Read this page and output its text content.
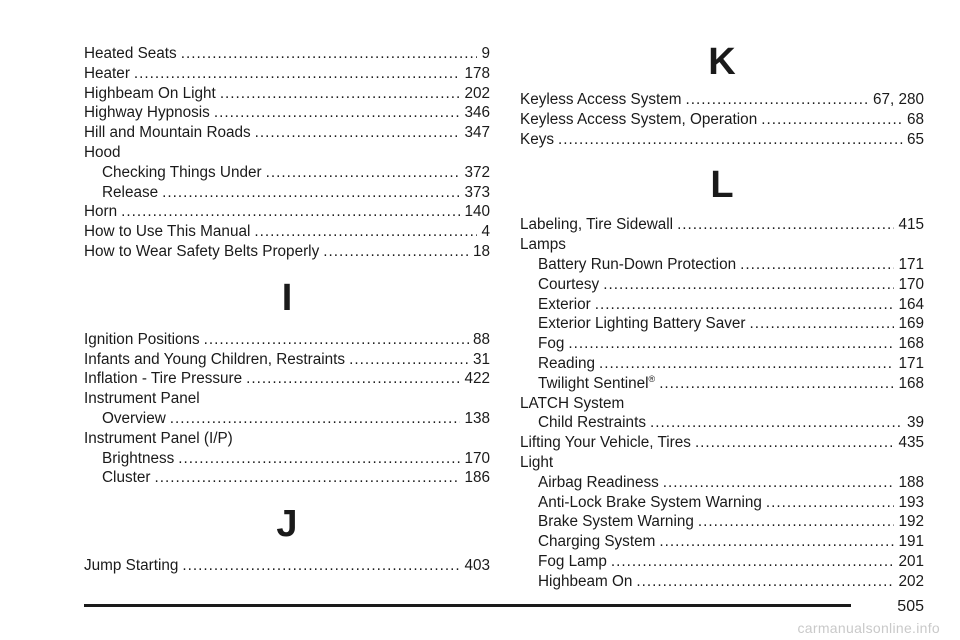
Heated Seats .....	9
Heater .....	178
Highbeam On Light .....	202
Highway Hypnosis .....	346
Hill and Mountain Roads .....	347
Hood
Checking Things Under .....	372
Release .....	373
Horn .....	140
How to Use This Manual .....	4
How to Wear Safety Belts Properly .....	18
I
Ignition Positions .....	88
Infants and Young Children, Restraints .....	31
Inflation - Tire Pressure .....	422
Instrument Panel
Overview .....	138
Instrument Panel (I/P)
Brightness .....	170
Cluster .....	186
J
Jump Starting .....	403
K
Keyless Access System .....	67, 280
Keyless Access System, Operation .....	68
Keys .....	65
L
Labeling, Tire Sidewall .....	415
Lamps
Battery Run-Down Protection .....	171
Courtesy .....	170
Exterior .....	164
Exterior Lighting Battery Saver .....	169
Fog .....	168
Reading .....	171
Twilight Sentinel® .....	168
LATCH System
Child Restraints .....	39
Lifting Your Vehicle, Tires .....	435
Light
Airbag Readiness .....	188
Anti-Lock Brake System Warning .....	193
Brake System Warning .....	192
Charging System .....	191
Fog Lamp .....	201
Highbeam On .....	202
505
carmanualsonline.info
